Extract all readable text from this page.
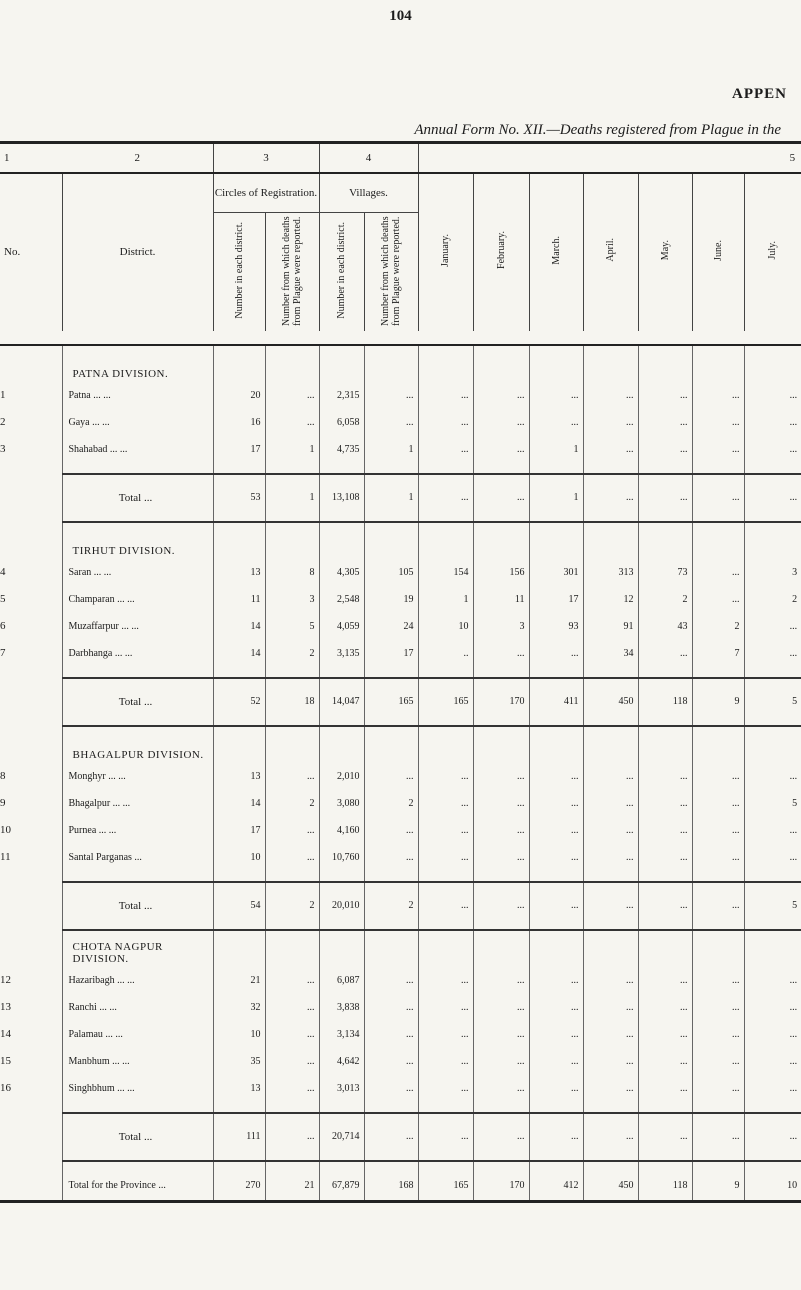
104
APPEN
Annual Form No. XII.—Deaths registered from Plague in the
1	2	3		4		5						
No.	District.	Circles of Registration.		Villages.		January.	February.	March.	April.	May.	June.	July.
		Number in each district.	Number from which deaths from Plague were reported.	Number in each district.	Number from which deaths from Plague were reported.							

	PATNA DIVISION.											
1	Patna ... ...	20	...	2,315	...	...	...	...	...	...	...	...
2	Gaya ... ...	16	...	6,058	...	...	...	...	...	...	...	...
3	Shahabad ... ...	17	1	4,735	1	...	...	1	...	...	...	...

	Total ...	53	1	13,108	1	...	...	1	...	...	...	...
	TIRHUT DIVISION.											
4	Saran ... ...	13	8	4,305	105	154	156	301	313	73	...	3
5	Champaran ... ...	11	3	2,548	19	1	11	17	12	2	...	2
6	Muzaffarpur ... ...	14	5	4,059	24	10	3	93	91	43	2	...
7	Darbhanga ... ...	14	2	3,135	17	..	...	...	34	...	7	...

	Total ...	52	18	14,047	165	165	170	411	450	118	9	5
	BHAGALPUR DIVISION.											
8	Monghyr ... ...	13	...	2,010	...	...	...	...	...	...	...	...
9	Bhagalpur ... ...	14	2	3,080	2	...	...	...	...	...	...	5
10	Purnea ... ...	17	...	4,160	...	...	...	...	...	...	...	...
11	Santal Parganas ...	10	...	10,760	...	...	...	...	...	...	...	...

	Total ...	54	2	20,010	2	...	...	...	...	...	...	5
	CHOTA NAGPUR DIVISION.											
12	Hazaribagh ... ...	21	...	6,087	...	...	...	...	...	...	...	...
13	Ranchi ... ...	32	...	3,838	...	...	...	...	...	...	...	...
14	Palamau ... ...	10	...	3,134	...	...	...	...	...	...	...	...
15	Manbhum ... ...	35	...	4,642	...	...	...	...	...	...	...	...
16	Singhbhum ... ...	13	...	3,013	...	...	...	...	...	...	...	...

	Total ...	111	...	20,714	...	...	...	...	...	...	...	...

	Total for the Province ...	270	21	67,879	168	165	170	412	450	118	9	10
